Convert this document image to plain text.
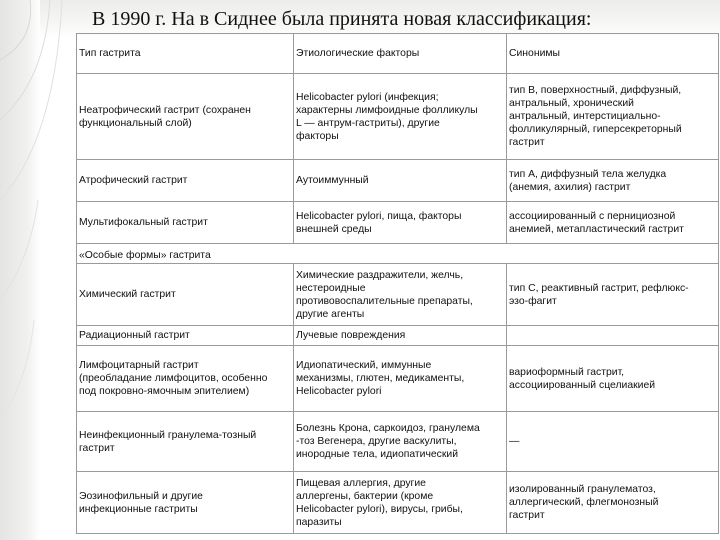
В 1990 г. На в Сиднее была принята новая классификация:
Тип гастрита	Этиологические факторы	Синонимы

Неатрофический гастрит (сохранен
функциональный слой)	Helicobacter pylori (инфекция;
характерны лимфоидные фолликулы
L — антрум-гастриты), другие
факторы	тип В, поверхностный, диффузный,
антральный, хронический
антральный, интерстициально-
фолликулярный, гиперсекреторный
гастрит

Атрофический гастрит	Аутоиммунный	тип А, диффузный тела желудка
(анемия, ахилия) гастрит

Мультифокальный гастрит	Helicobacter pylori, пища, факторы
внешней среды	ассоциированный с пернициозной
анемией, метапластический гастрит

«Особые формы» гастрита		

Химический гастрит	Химические раздражители, желчь,
нестероидные
противовоспалительные препараты,
другие агенты	тип С, реактивный гастрит, рефлюкс-
эзо-фагит

Радиационный гастрит	Лучевые повреждения	

Лимфоцитарный гастрит
(преобладание лимфоцитов, особенно
под покровно-ямочным эпителием)	Идиопатический, иммунные
механизмы, глютен, медикаменты,
Helicobacter pylori	вариоформный гастрит,
ассоциированный сцелиакией

Неинфекционный гранулема-тозный
гастрит	Болезнь Крона, саркоидоз, гранулема
-тоз Вегенера, другие васкулиты,
инородные тела, идиопатический	—

Эозинофильный и другие
инфекционные гастриты	Пищевая аллергия, другие
аллергены, бактерии (кроме
Helicobacter pylori), вирусы, грибы,
паразиты	изолированный гранулематоз,
аллергический, флегмонозный
гастрит
